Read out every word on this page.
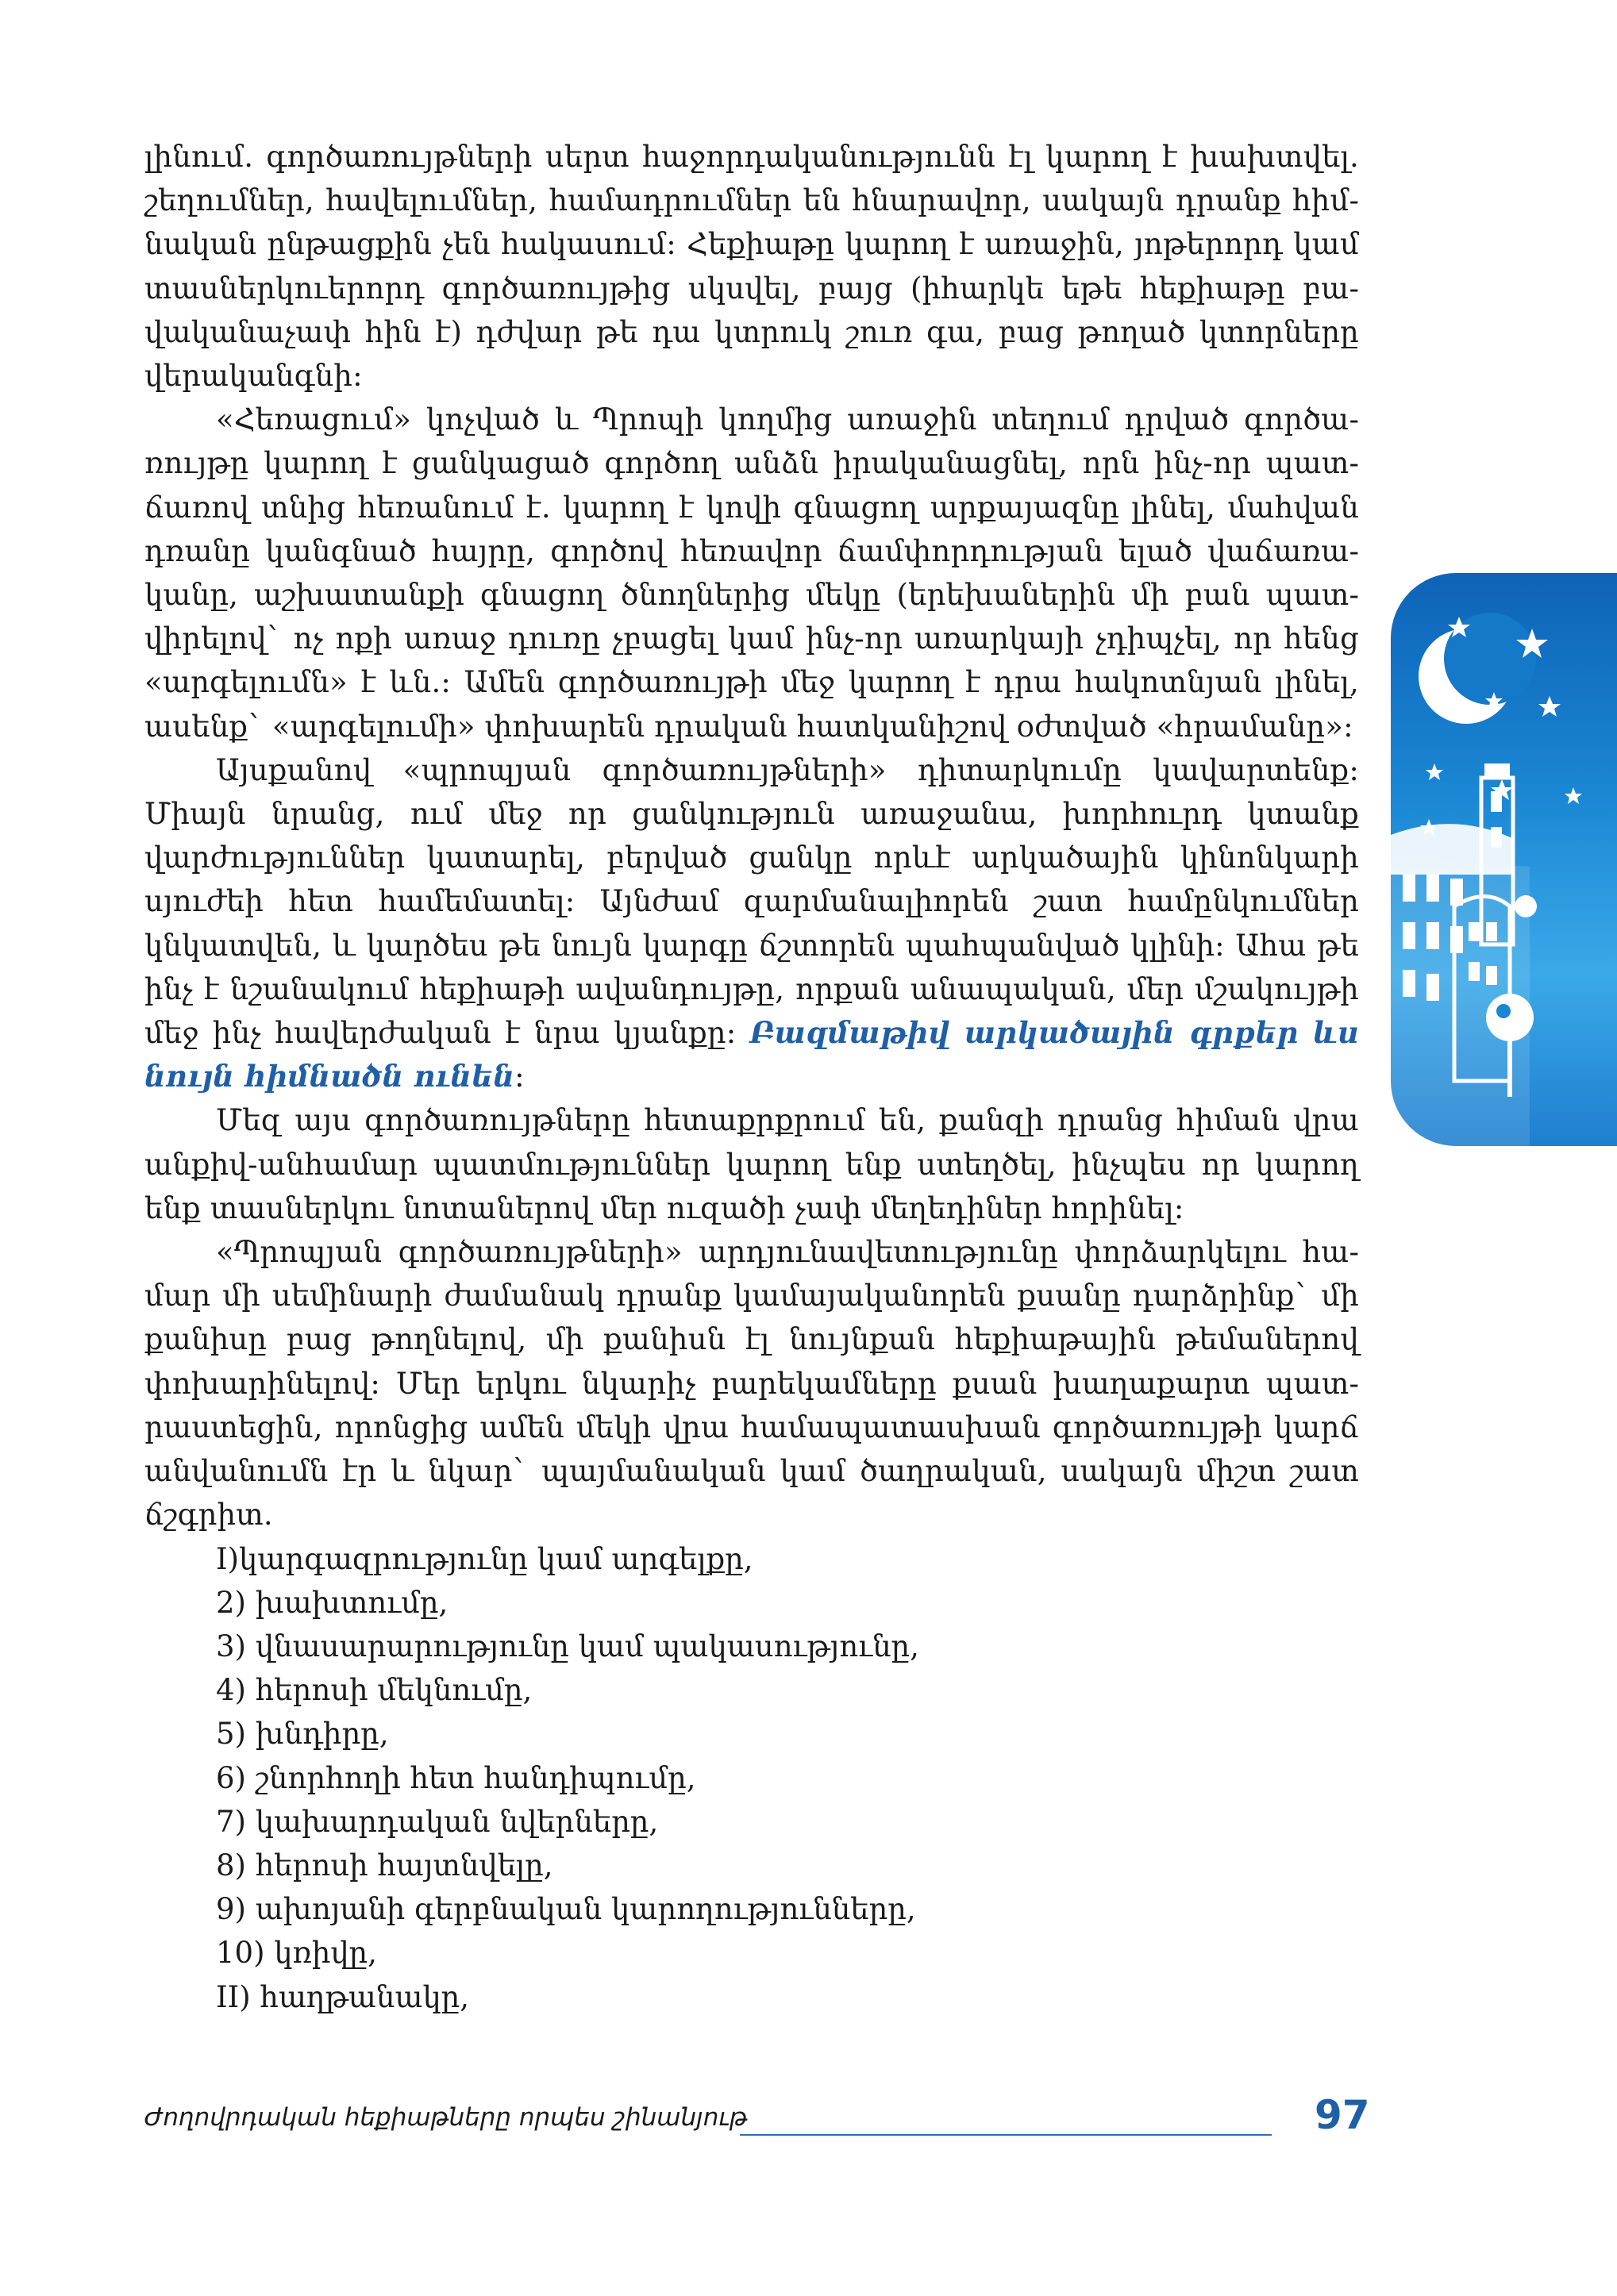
լինում. գործառույթների սերտ հաջորդականությունն էլ կարող է խախտվել. շեղումներ, հավելումներ, համադրումներ են հնարավոր, սակայն դրանք հիմնական ընթացքին չեն հակասում: Հեքիաթը կարող է առաջին, յոթերորդ կամ տասներկուերորդ գործառույթից սկսվել, բայց (իհարկե եթե հեքիաթը բավականաչափ հին է) դժվար թե դա կտրուկ շուռ գա, բաց թողած կտորները վերականգնի:

«Հեռացում» կոչված և Պրոպի կողմից առաջին տեղում դրված գործառույթը կարող է ցանկացած գործող անձն իրականացնել, որն ինչ-որ պատճառով տնից հեռանում է. կարող է կովի գնացող արքայազնը լինել, մահվան դռանը կանգնած հայրը, գործով հեռավոր ճամփորդության ելած վաճառականը, աշխատանքի գնացող ծնողներից մեկը (երեխաներին մի բան պատվիրելով` ոչ ոքի առաջ դուռը չբացել կամ ինչ-որ առարկայի չդիպչել, որ հենց «արգելումն» է ևն.: Ամեն գործառույթի մեջ կարող է դրա հակոտնյան լինել, ասենք` «արգելումի» փոխարեն դրական հատկանիշով օժտված «հրամանը»:

Այսքանով «պրոպյան գործառույթների» դիտարկումը կավարտենք: Միայն նրանց, ում մեջ որ ցանկություն առաջանա, խորհուրդ կտանք վարժություններ կատարել, բերված ցանկը որևէ արկածային կինոնկարի սյուժեի հետ համեմատել: Այնժամ զարմանալիորեն շատ համընկումներ կնկատվեն, և կարծես թե նույն կարգը ճշտորեն պահպանված կլինի: Ահա թե ինչ է նշանակում հեքիաթի ավանդույթը, որքան անապական, մեր մշակույթի մեջ ինչ հավերժական է նրա կյանքը: Բազմաթիվ արկածային գրքեր ևս նույն հիմնածն ունեն:

Մեզ այս գործառույթները հետաքրքրում են, քանզի դրանց հիման վրա անքիվ-անհամար պատմություններ կարող ենք ստեղծել, ինչպես որ կարող ենք տասներկու նոտաներով մեր ուզածի չափ մեղեդիներ հորինել:

«Պրոպյան գործառույթների» արդյունավետությունը փորձարկելու համար մի սեմինարի ժամանակ դրանք կամայականորեն քսանը դարձրինք` մի քանիսը բաց թողնելով, մի քանիսն էլ նույնքան հեքիաթային թեմաներով փոխարինելով: Մեր երկու նկարիչ բարեկամները քսան խաղաքարտ պատրաստեցին, որոնցից ամեն մեկի վրա համապատասխան գործառույթի կարճ անվանումն էր և նկար` պայմանական կամ ծաղրական, սակայն միշտ շատ ճշգրիտ.

I)կարգազրությունը կամ արգելքը,
2) խախտումը,
3) վնասարարությունը կամ պակասությունը,
4) հերոսի մեկնումը,
5) խնդիրը,
6) շնորհողի հետ հանդիպումը,
7) կախարդական նվերները,
8) հերոսի հայտնվելը,
9) ախոյանի գերբնական կարողությունները,
10) կռիվը,
II) հաղթանակը,
Ժողովրդական հեքիաթները որպես շինանյութ	97
